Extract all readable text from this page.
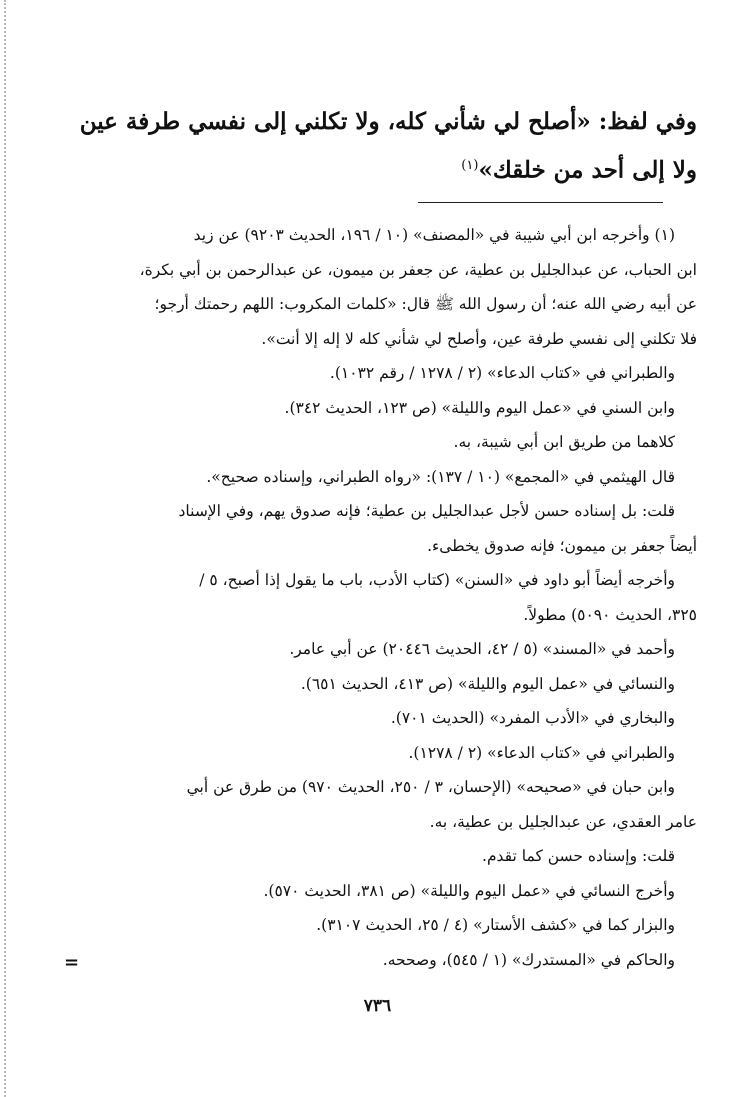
وفي لفظ: «أصلح لي شأني كله، ولا تكلني إلى نفسي طرفة عين
ولا إلى أحد من خلقك»$^{(١)}$
(١) وأخرجه ابن أبي شيبة في «المصنف» (١٠ / ١٩٦، الحديث ٩٢٠٣) عن زيد
ابن الحباب، عن عبدالجليل بن عطية، عن جعفر بن ميمون، عن عبدالرحمن بن أبي بكرة،
عن أبيه رضي الله عنه؛ أن رسول الله ﷺ قال: «كلمات المكروب: اللهم رحمتك أرجو؛
فلا تكلني إلى نفسي طرفة عين، وأصلح لي شأني كله لا إله إلا أنت».
والطبراني في «كتاب الدعاء» (٢ / ١٢٧٨ / رقم ١٠٣٢).
وابن السني في «عمل اليوم والليلة» (ص ١٢٣، الحديث ٣٤٢).
كلاهما من طريق ابن أبي شيبة، به.
قال الهيثمي في «المجمع» (١٠ / ١٣٧): «رواه الطبراني، وإسناده صحيح».
قلت: بل إسناده حسن لأجل عبدالجليل بن عطية؛ فإنه صدوق يهم، وفي الإسناد
أيضاً جعفر بن ميمون؛ فإنه صدوق يخطىء.
وأخرجه أيضاً أبو داود في «السنن» (كتاب الأدب، باب ما يقول إذا أصبح، ٥ /
٣٢٥، الحديث ٥٠٩٠) مطولاً.
وأحمد في «المسند» (٥ / ٤٢، الحديث ٢٠٤٤٦) عن أبي عامر.
والنسائي في «عمل اليوم والليلة» (ص ٤١٣، الحديث ٦٥١).
والبخاري في «الأدب المفرد» (الحديث ٧٠١).
والطبراني في «كتاب الدعاء» (٢ / ١٢٧٨).
وابن حبان في «صحيحه» (الإحسان، ٣ / ٢٥٠، الحديث ٩٧٠) من طرق عن أبي
عامر العقدي، عن عبدالجليل بن عطية، به.
قلت: وإسناده حسن كما تقدم.
وأخرج النسائي في «عمل اليوم والليلة» (ص ٣٨١، الحديث ٥٧٠).
والبزار كما في «كشف الأستار» (٤ / ٢٥، الحديث ٣١٠٧).
والحاكم في «المستدرك» (١ / ٥٤٥)، وصححه.
=
٧٣٦
